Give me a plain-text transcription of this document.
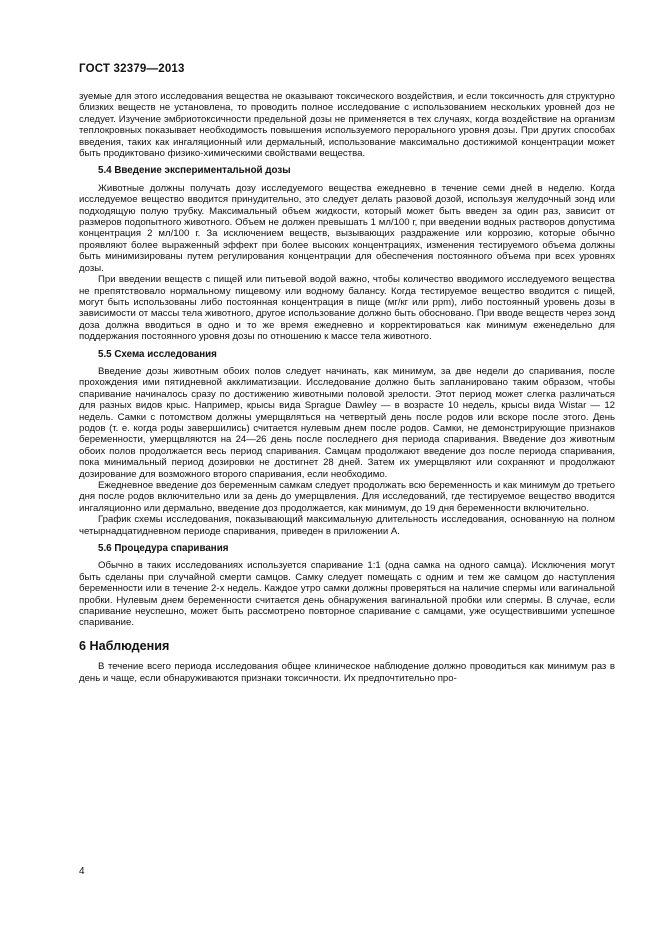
ГОСТ 32379—2013

зуемые для этого исследования вещества не оказывают токсического воздействия, и если токсичность для структурно близких веществ не установлена, то проводить полное исследование с использованием нескольких уровней доз не следует. Изучение эмбриотоксичности предельной дозы не применяется в тех случаях, когда воздействие на организм теплокровных показывает необходимость повышения используемого перорального уровня дозы. При других способах введения, таких как ингаляционный или дермальный, использование максимально достижимой концентрации может быть продиктовано физико-химическими свойствами вещества.

5.4 Введение экспериментальной дозы

Животные должны получать дозу исследуемого вещества ежедневно в течение семи дней в неделю. Когда исследуемое вещество вводится принудительно, это следует делать разовой дозой, используя желудочный зонд или подходящую полую трубку. Максимальный объем жидкости, который может быть введен за один раз, зависит от размеров подопытного животного. Объем не должен превышать 1 мл/100 г, при введении водных растворов допустима концентрация 2 мл/100 г. За исключением веществ, вызывающих раздражение или коррозию, которые обычно проявляют более выраженный эффект при более высоких концентрациях, изменения тестируемого объема должны быть минимизированы путем регулирования концентрации для обеспечения постоянного объема при всех уровнях дозы.

При введении веществ с пищей или питьевой водой важно, чтобы количество вводимого исследуемого вещества не препятствовало нормальному пищевому или водному балансу. Когда тестируемое вещество вводится с пищей, могут быть использованы либо постоянная концентрация в пище (мг/кг или ppm), либо постоянный уровень дозы в зависимости от массы тела животного, другое использование должно быть обосновано. При вводе веществ через зонд доза должна вводиться в одно и то же время ежедневно и корректироваться как минимум еженедельно для поддержания постоянного уровня дозы по отношению к массе тела животного.

5.5 Схема исследования

Введение дозы животным обоих полов следует начинать, как минимум, за две недели до спаривания, после прохождения ими пятидневной акклиматизации. Исследование должно быть запланировано таким образом, чтобы спаривание начиналось сразу по достижению животными половой зрелости. Этот период может слегка различаться для разных видов крыс. Например, крысы вида Sprague Dawley — в возрасте 10 недель, крысы вида Wistar — 12 недель. Самки с потомством должны умерщвляться на четвертый день после родов или вскоре после этого. День родов (т. е. когда роды завершились) считается нулевым днем после родов. Самки, не демонстрирующие признаков беременности, умерщвляются на 24—26 день после последнего дня периода спаривания. Введение доз животным обоих полов продолжается весь период спаривания. Самцам продолжают введение доз после периода спаривания, пока минимальный период дозировки не достигнет 28 дней. Затем их умерщвляют или сохраняют и продолжают дозирование для возможного второго спаривания, если необходимо.

Ежедневное введение доз беременным самкам следует продолжать всю беременность и как минимум до третьего дня после родов включительно или за день до умерщвления. Для исследований, где тестируемое вещество вводится ингаляционно или дермально, введение доз продолжается, как минимум, до 19 дня беременности включительно.

График схемы исследования, показывающий максимальную длительность исследования, основанную на полном четырнадцатидневном периоде спаривания, приведен в приложении А.

5.6 Процедура спаривания

Обычно в таких исследованиях используется спаривание 1:1 (одна самка на одного самца). Исключения могут быть сделаны при случайной смерти самцов. Самку следует помещать с одним и тем же самцом до наступления беременности или в течение 2-х недель. Каждое утро самки должны проверяться на наличие спермы или вагинальной пробки. Нулевым днем беременности считается день обнаружения вагинальной пробки или спермы. В случае, если спаривание неуспешно, может быть рассмотрено повторное спаривание с самцами, уже осуществившими успешное спаривание.

6 Наблюдения

В течение всего периода исследования общее клиническое наблюдение должно проводиться как минимум раз в день и чаще, если обнаруживаются признаки токсичности. Их предпочтительно про-

4
